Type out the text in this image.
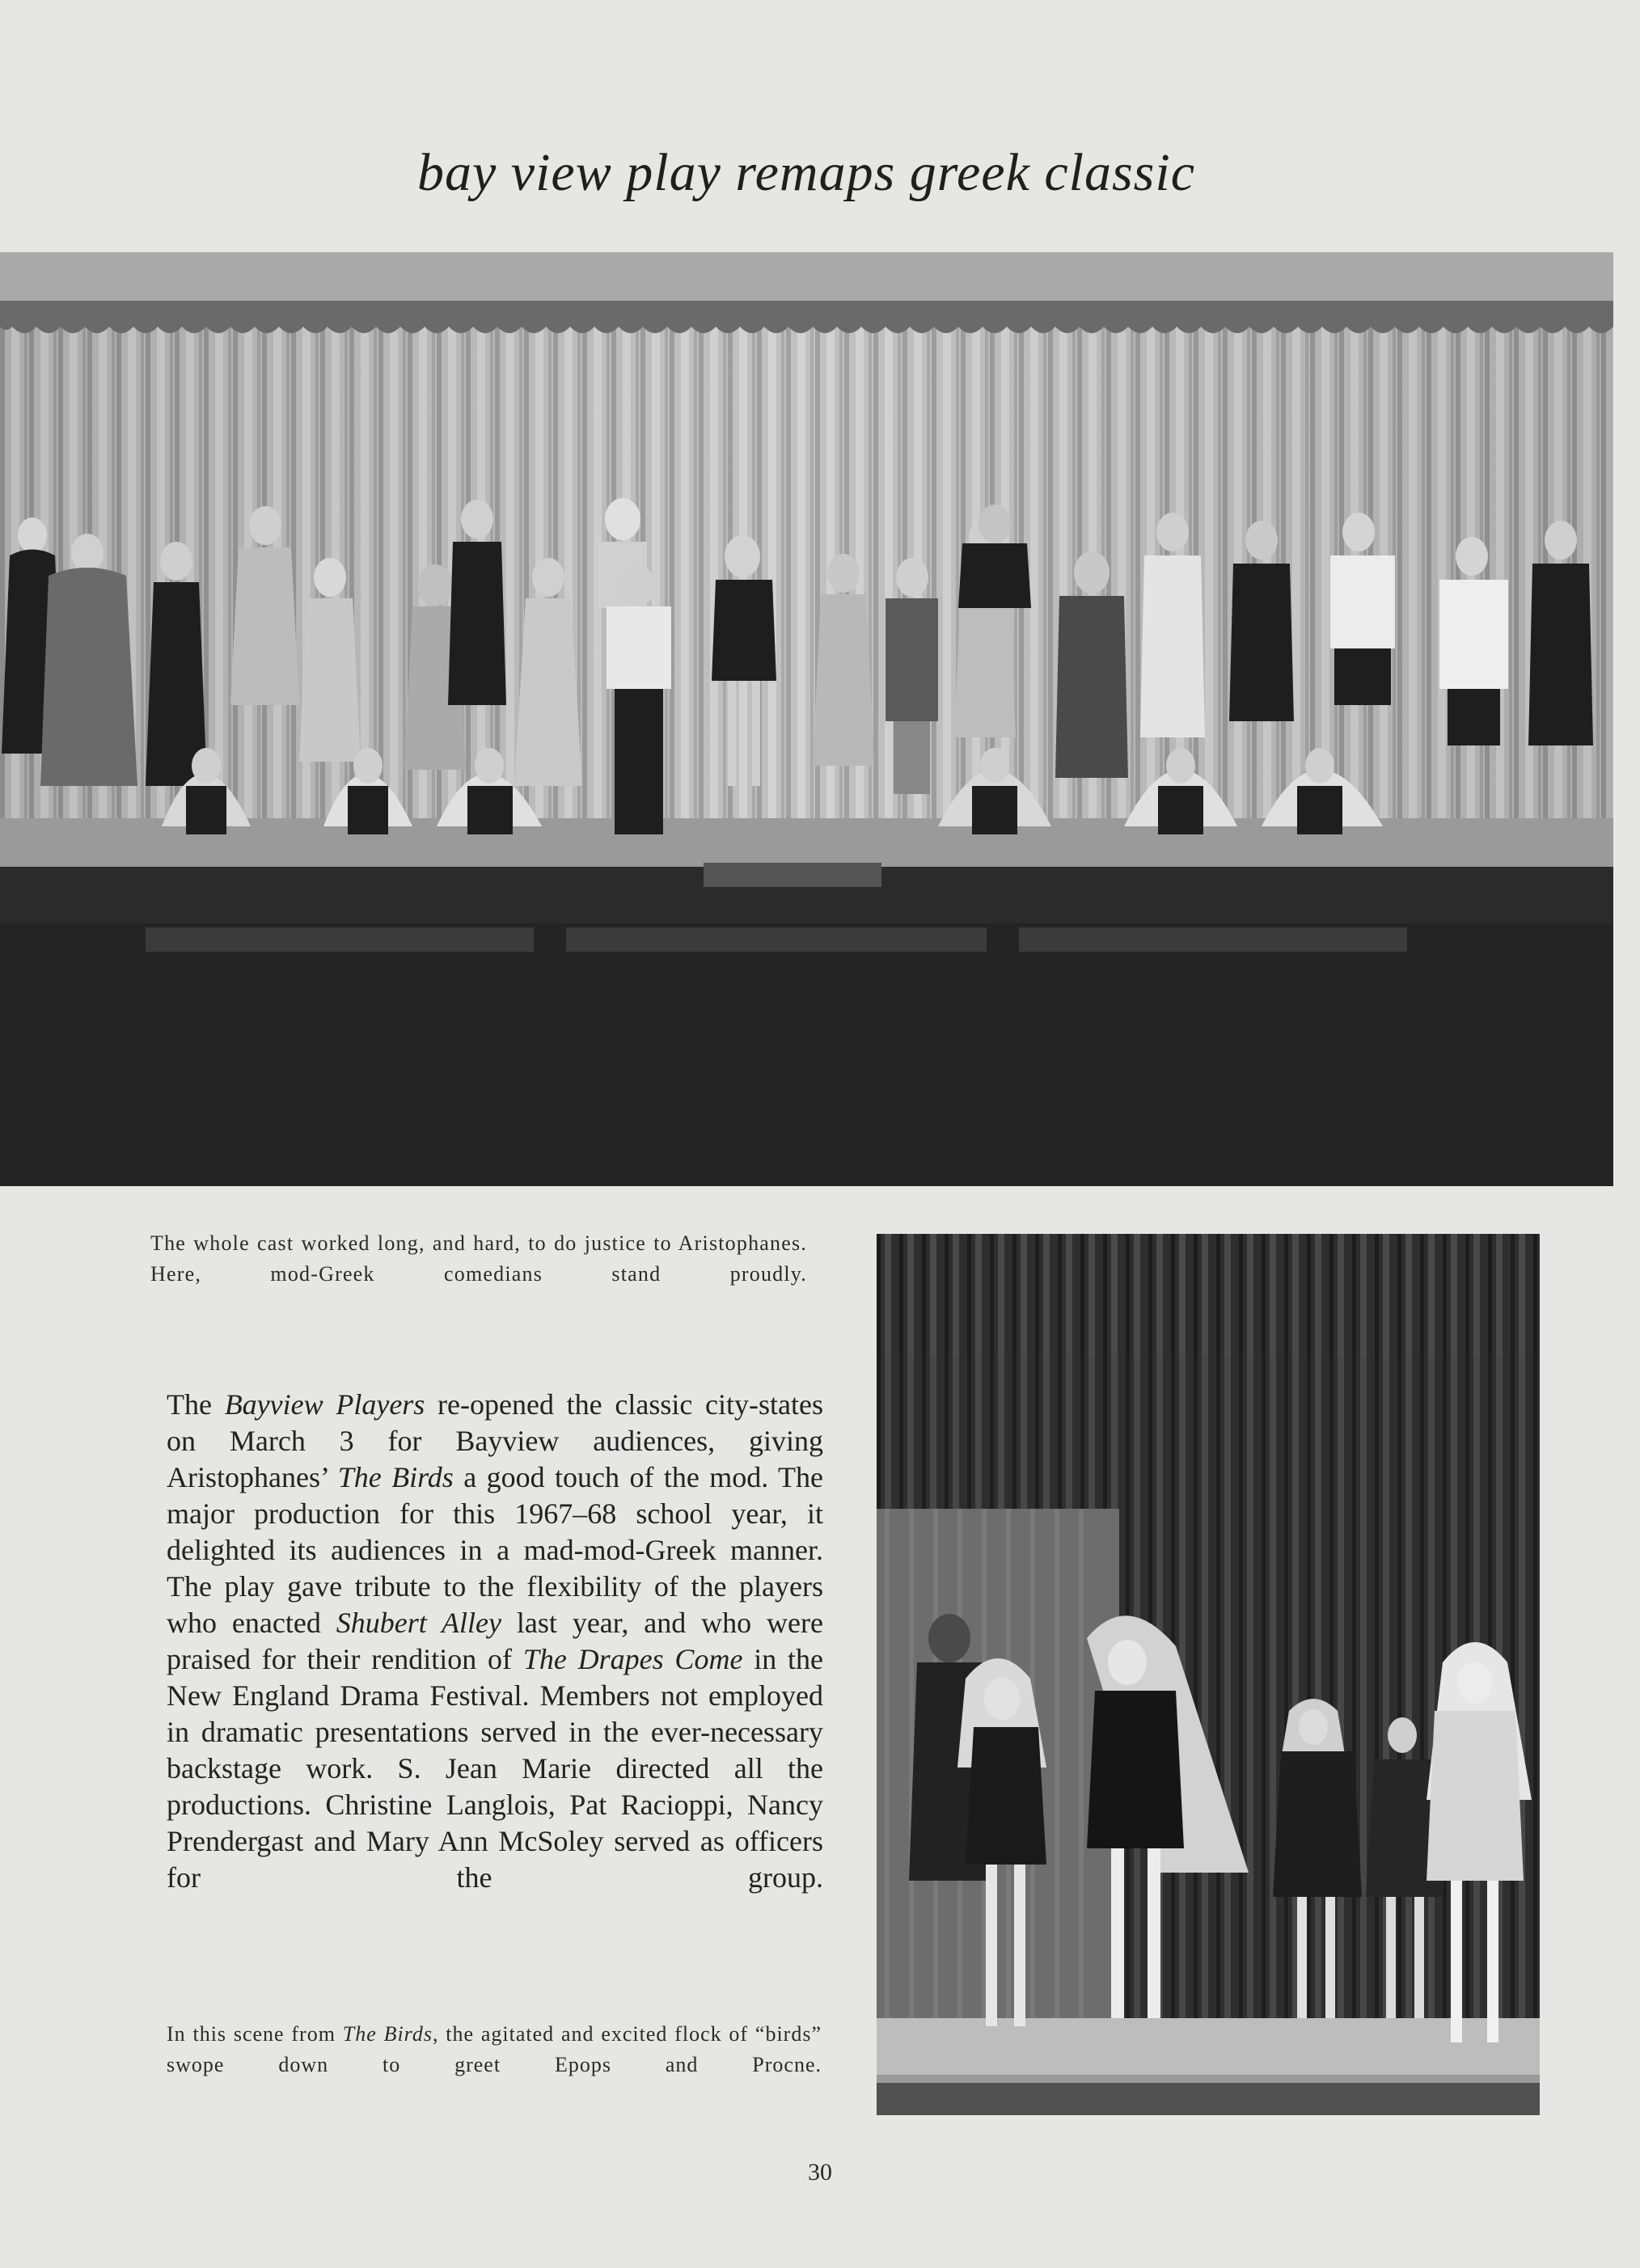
bay view play remaps greek classic

The whole cast worked long, and hard, to do justice to Aristophanes. Here, mod-Greek comedians stand proudly.

The Bayview Players re-opened the classic city-states on March 3 for Bayview audiences, giving Aristophanes’ The Birds a good touch of the mod. The major production for this 1967–68 school year, it delighted its audiences in a mad-mod-Greek manner. The play gave tribute to the flexibility of the players who enacted Shubert Alley last year, and who were praised for their rendition of The Drapes Come in the New England Drama Festival. Members not employed in dramatic presentations served in the ever-necessary backstage work. S. Jean Marie directed all the productions. Christine Langlois, Pat Racioppi, Nancy Prendergast and Mary Ann McSoley served as officers for the group.

In this scene from The Birds, the agitated and excited flock of “birds” swope down to greet Epops and Procne.

30
